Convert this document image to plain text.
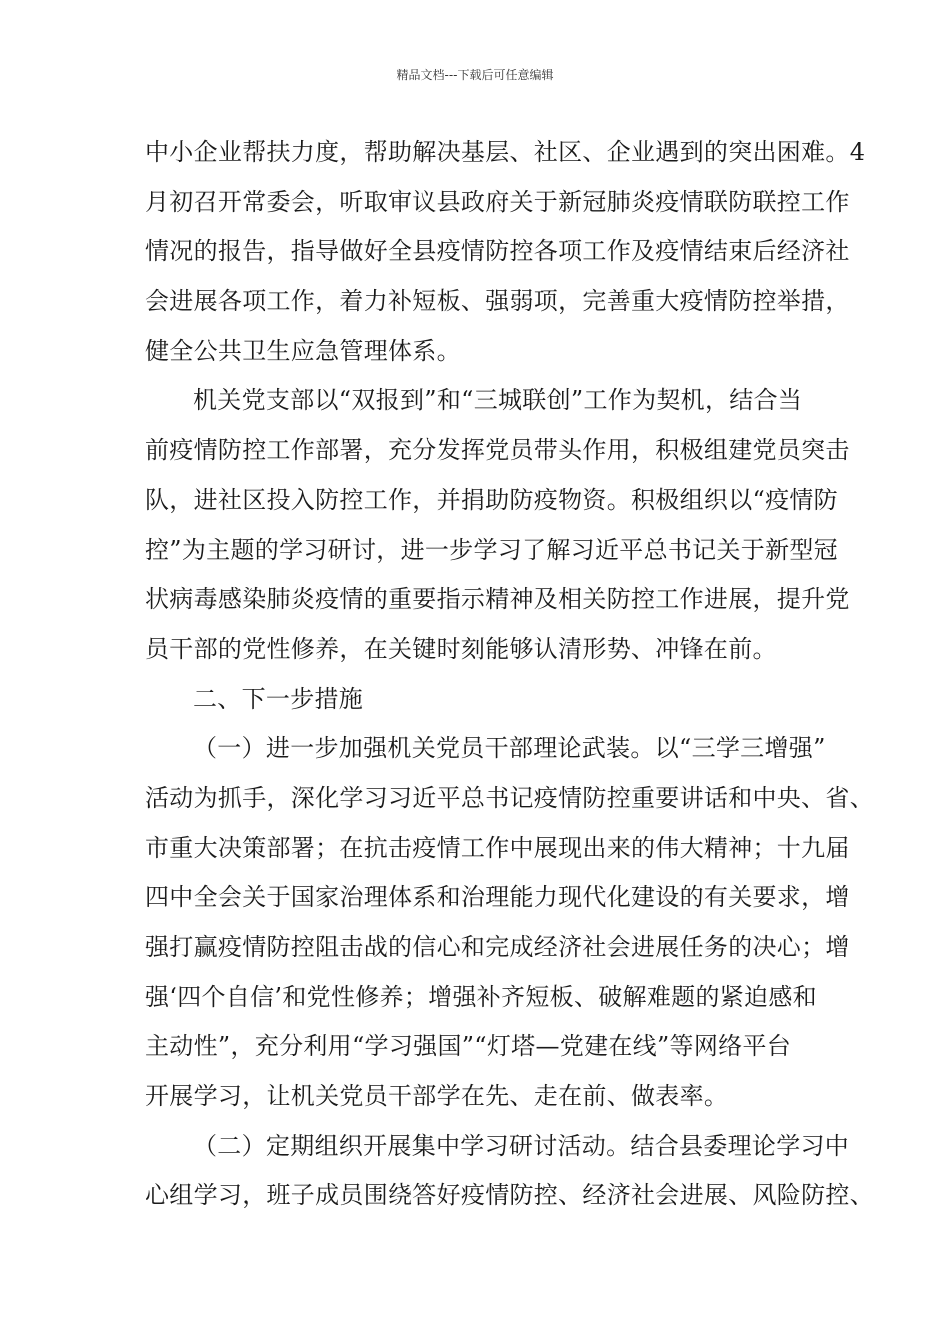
精品文档---下载后可任意编辑
中小企业帮扶力度，帮助解决基层、社区、企业遇到的突出困难。4
月初召开常委会，听取审议县政府关于新冠肺炎疫情联防联控工作
情况的报告，指导做好全县疫情防控各项工作及疫情结束后经济社
会进展各项工作，着力补短板、强弱项，完善重大疫情防控举措，
健全公共卫生应急管理体系。
机关党支部以“双报到”和“三城联创”工作为契机，结合当
前疫情防控工作部署，充分发挥党员带头作用，积极组建党员突击
队，进社区投入防控工作，并捐助防疫物资。积极组织以“疫情防
控”为主题的学习研讨，进一步学习了解习近平总书记关于新型冠
状病毒感染肺炎疫情的重要指示精神及相关防控工作进展，提升党
员干部的党性修养，在关键时刻能够认清形势、冲锋在前。
二、下一步措施
（一）进一步加强机关党员干部理论武装。以“三学三增强”
活动为抓手，深化学习习近平总书记疫情防控重要讲话和中央、省、
市重大决策部署；在抗击疫情工作中展现出来的伟大精神；十九届
四中全会关于国家治理体系和治理能力现代化建设的有关要求，增
强打赢疫情防控阻击战的信心和完成经济社会进展任务的决心；增
强‘四个自信’和党性修养；增强补齐短板、破解难题的紧迫感和
主动性”，充分利用“学习强国”“灯塔—党建在线”等网络平台
开展学习，让机关党员干部学在先、走在前、做表率。
（二）定期组织开展集中学习研讨活动。结合县委理论学习中
心组学习，班子成员围绕答好疫情防控、经济社会进展、风险防控、
